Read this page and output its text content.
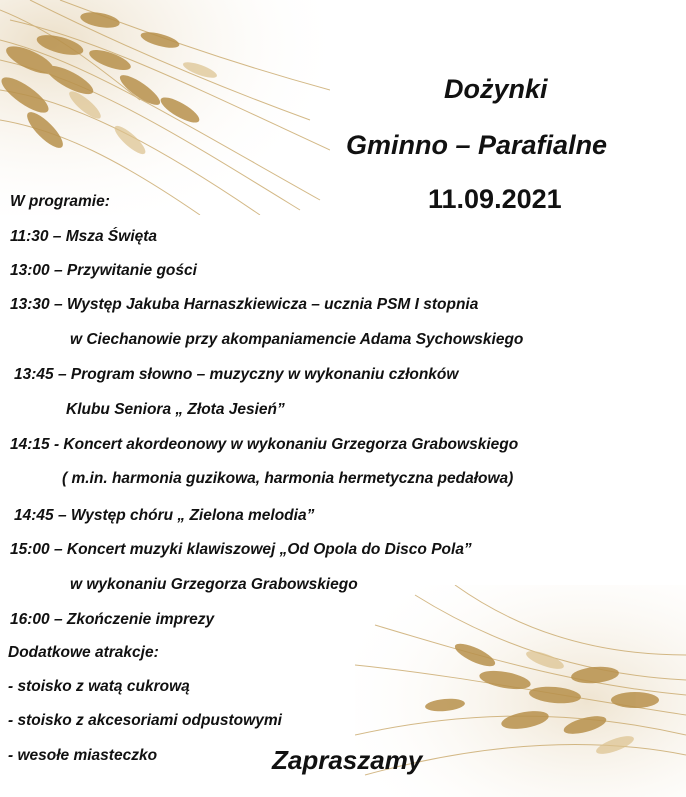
Dożynki
Gminno – Parafialne
11.09.2021
W programie:
11:30 – Msza Święta
13:00 – Przywitanie gości
13:30 – Występ Jakuba Harnaszkiewicza – ucznia PSM I stopnia
w Ciechanowie przy akompaniamencie Adama Sychowskiego
13:45 – Program słowno – muzyczny w wykonaniu członków
Klubu Seniora „ Złota Jesień”
14:15 - Koncert akordeonowy w wykonaniu Grzegorza Grabowskiego
( m.in. harmonia guzikowa, harmonia hermetyczna pedałowa)
14:45 – Występ chóru „ Zielona melodia”
15:00 – Koncert muzyki klawiszowej „Od Opola do Disco Pola”
w wykonaniu Grzegorza Grabowskiego
16:00 – Zkończenie imprezy
Dodatkowe atrakcje:
- stoisko z watą cukrową
- stoisko z akcesoriami odpustowymi
- wesołe miasteczko	Zapraszamy
